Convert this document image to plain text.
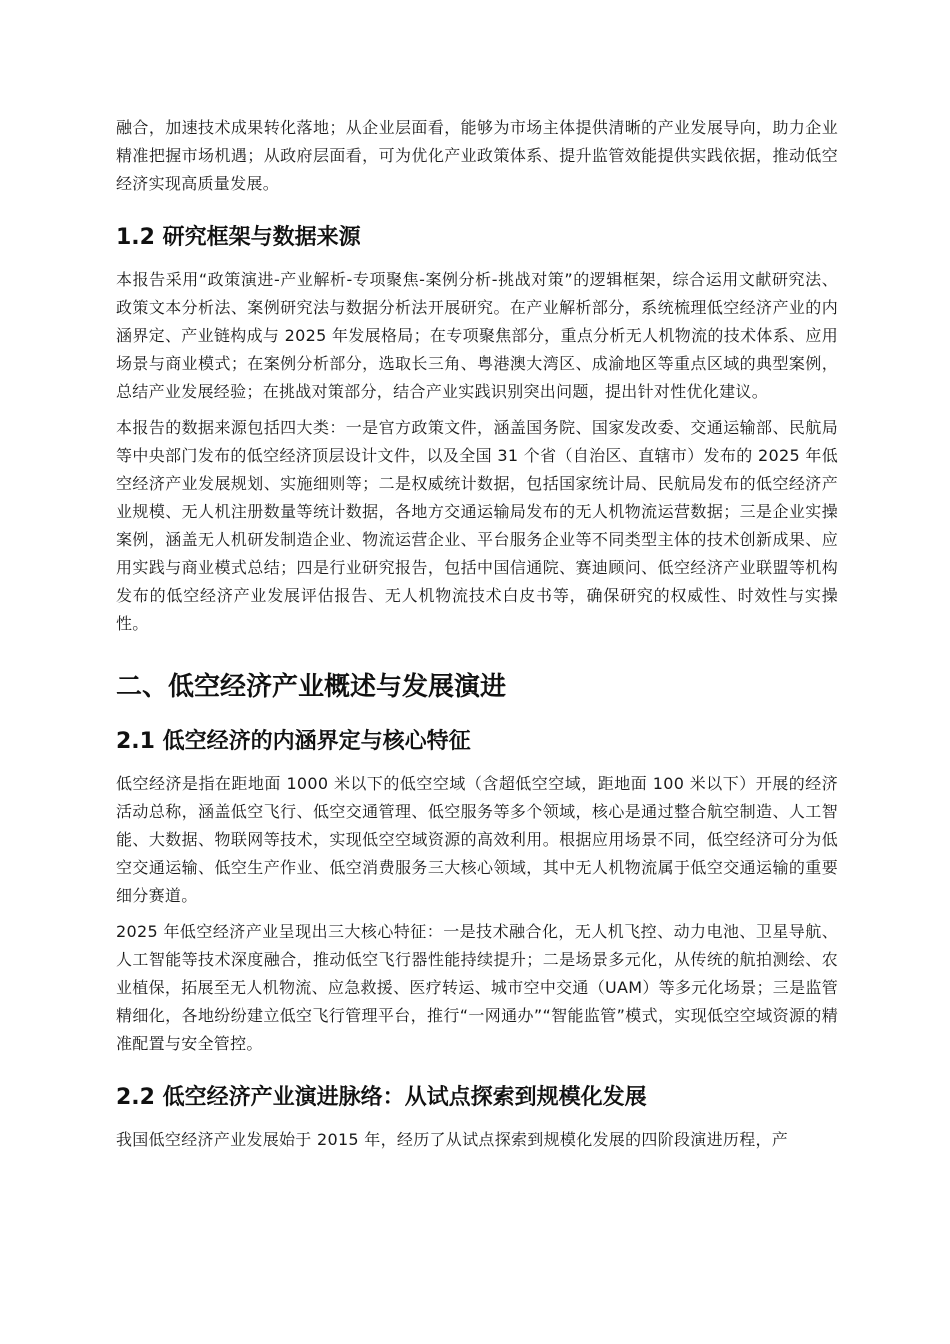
融合，加速技术成果转化落地；从企业层面看，能够为市场主体提供清晰的产业发展导向，助力企业精准把握市场机遇；从政府层面看，可为优化产业政策体系、提升监管效能提供实践依据，推动低空经济实现高质量发展。

1.2 研究框架与数据来源

本报告采用“政策演进-产业解析-专项聚焦-案例分析-挑战对策”的逻辑框架，综合运用文献研究法、政策文本分析法、案例研究法与数据分析法开展研究。在产业解析部分，系统梳理低空经济产业的内涵界定、产业链构成与 2025 年发展格局；在专项聚焦部分，重点分析无人机物流的技术体系、应用场景与商业模式；在案例分析部分，选取长三角、粤港澳大湾区、成渝地区等重点区域的典型案例，总结产业发展经验；在挑战对策部分，结合产业实践识别突出问题，提出针对性优化建议。

本报告的数据来源包括四大类：一是官方政策文件，涵盖国务院、国家发改委、交通运输部、民航局等中央部门发布的低空经济顶层设计文件，以及全国 31 个省（自治区、直辖市）发布的 2025 年低空经济产业发展规划、实施细则等；二是权威统计数据，包括国家统计局、民航局发布的低空经济产业规模、无人机注册数量等统计数据，各地方交通运输局发布的无人机物流运营数据；三是企业实操案例，涵盖无人机研发制造企业、物流运营企业、平台服务企业等不同类型主体的技术创新成果、应用实践与商业模式总结；四是行业研究报告，包括中国信通院、赛迪顾问、低空经济产业联盟等机构发布的低空经济产业发展评估报告、无人机物流技术白皮书等，确保研究的权威性、时效性与实操性。

二、低空经济产业概述与发展演进
2.1 低空经济的内涵界定与核心特征

低空经济是指在距地面 1000 米以下的低空空域（含超低空空域，距地面 100 米以下）开展的经济活动总称，涵盖低空飞行、低空交通管理、低空服务等多个领域，核心是通过整合航空制造、人工智能、大数据、物联网等技术，实现低空空域资源的高效利用。根据应用场景不同，低空经济可分为低空交通运输、低空生产作业、低空消费服务三大核心领域，其中无人机物流属于低空交通运输的重要细分赛道。

2025 年低空经济产业呈现出三大核心特征：一是技术融合化，无人机飞控、动力电池、卫星导航、人工智能等技术深度融合，推动低空飞行器性能持续提升；二是场景多元化，从传统的航拍测绘、农业植保，拓展至无人机物流、应急救援、医疗转运、城市空中交通（UAM）等多元化场景；三是监管精细化，各地纷纷建立低空飞行管理平台，推行“一网通办”“智能监管”模式，实现低空空域资源的精准配置与安全管控。

2.2 低空经济产业演进脉络：从试点探索到规模化发展

我国低空经济产业发展始于 2015 年，经历了从试点探索到规模化发展的四阶段演进历程，产
